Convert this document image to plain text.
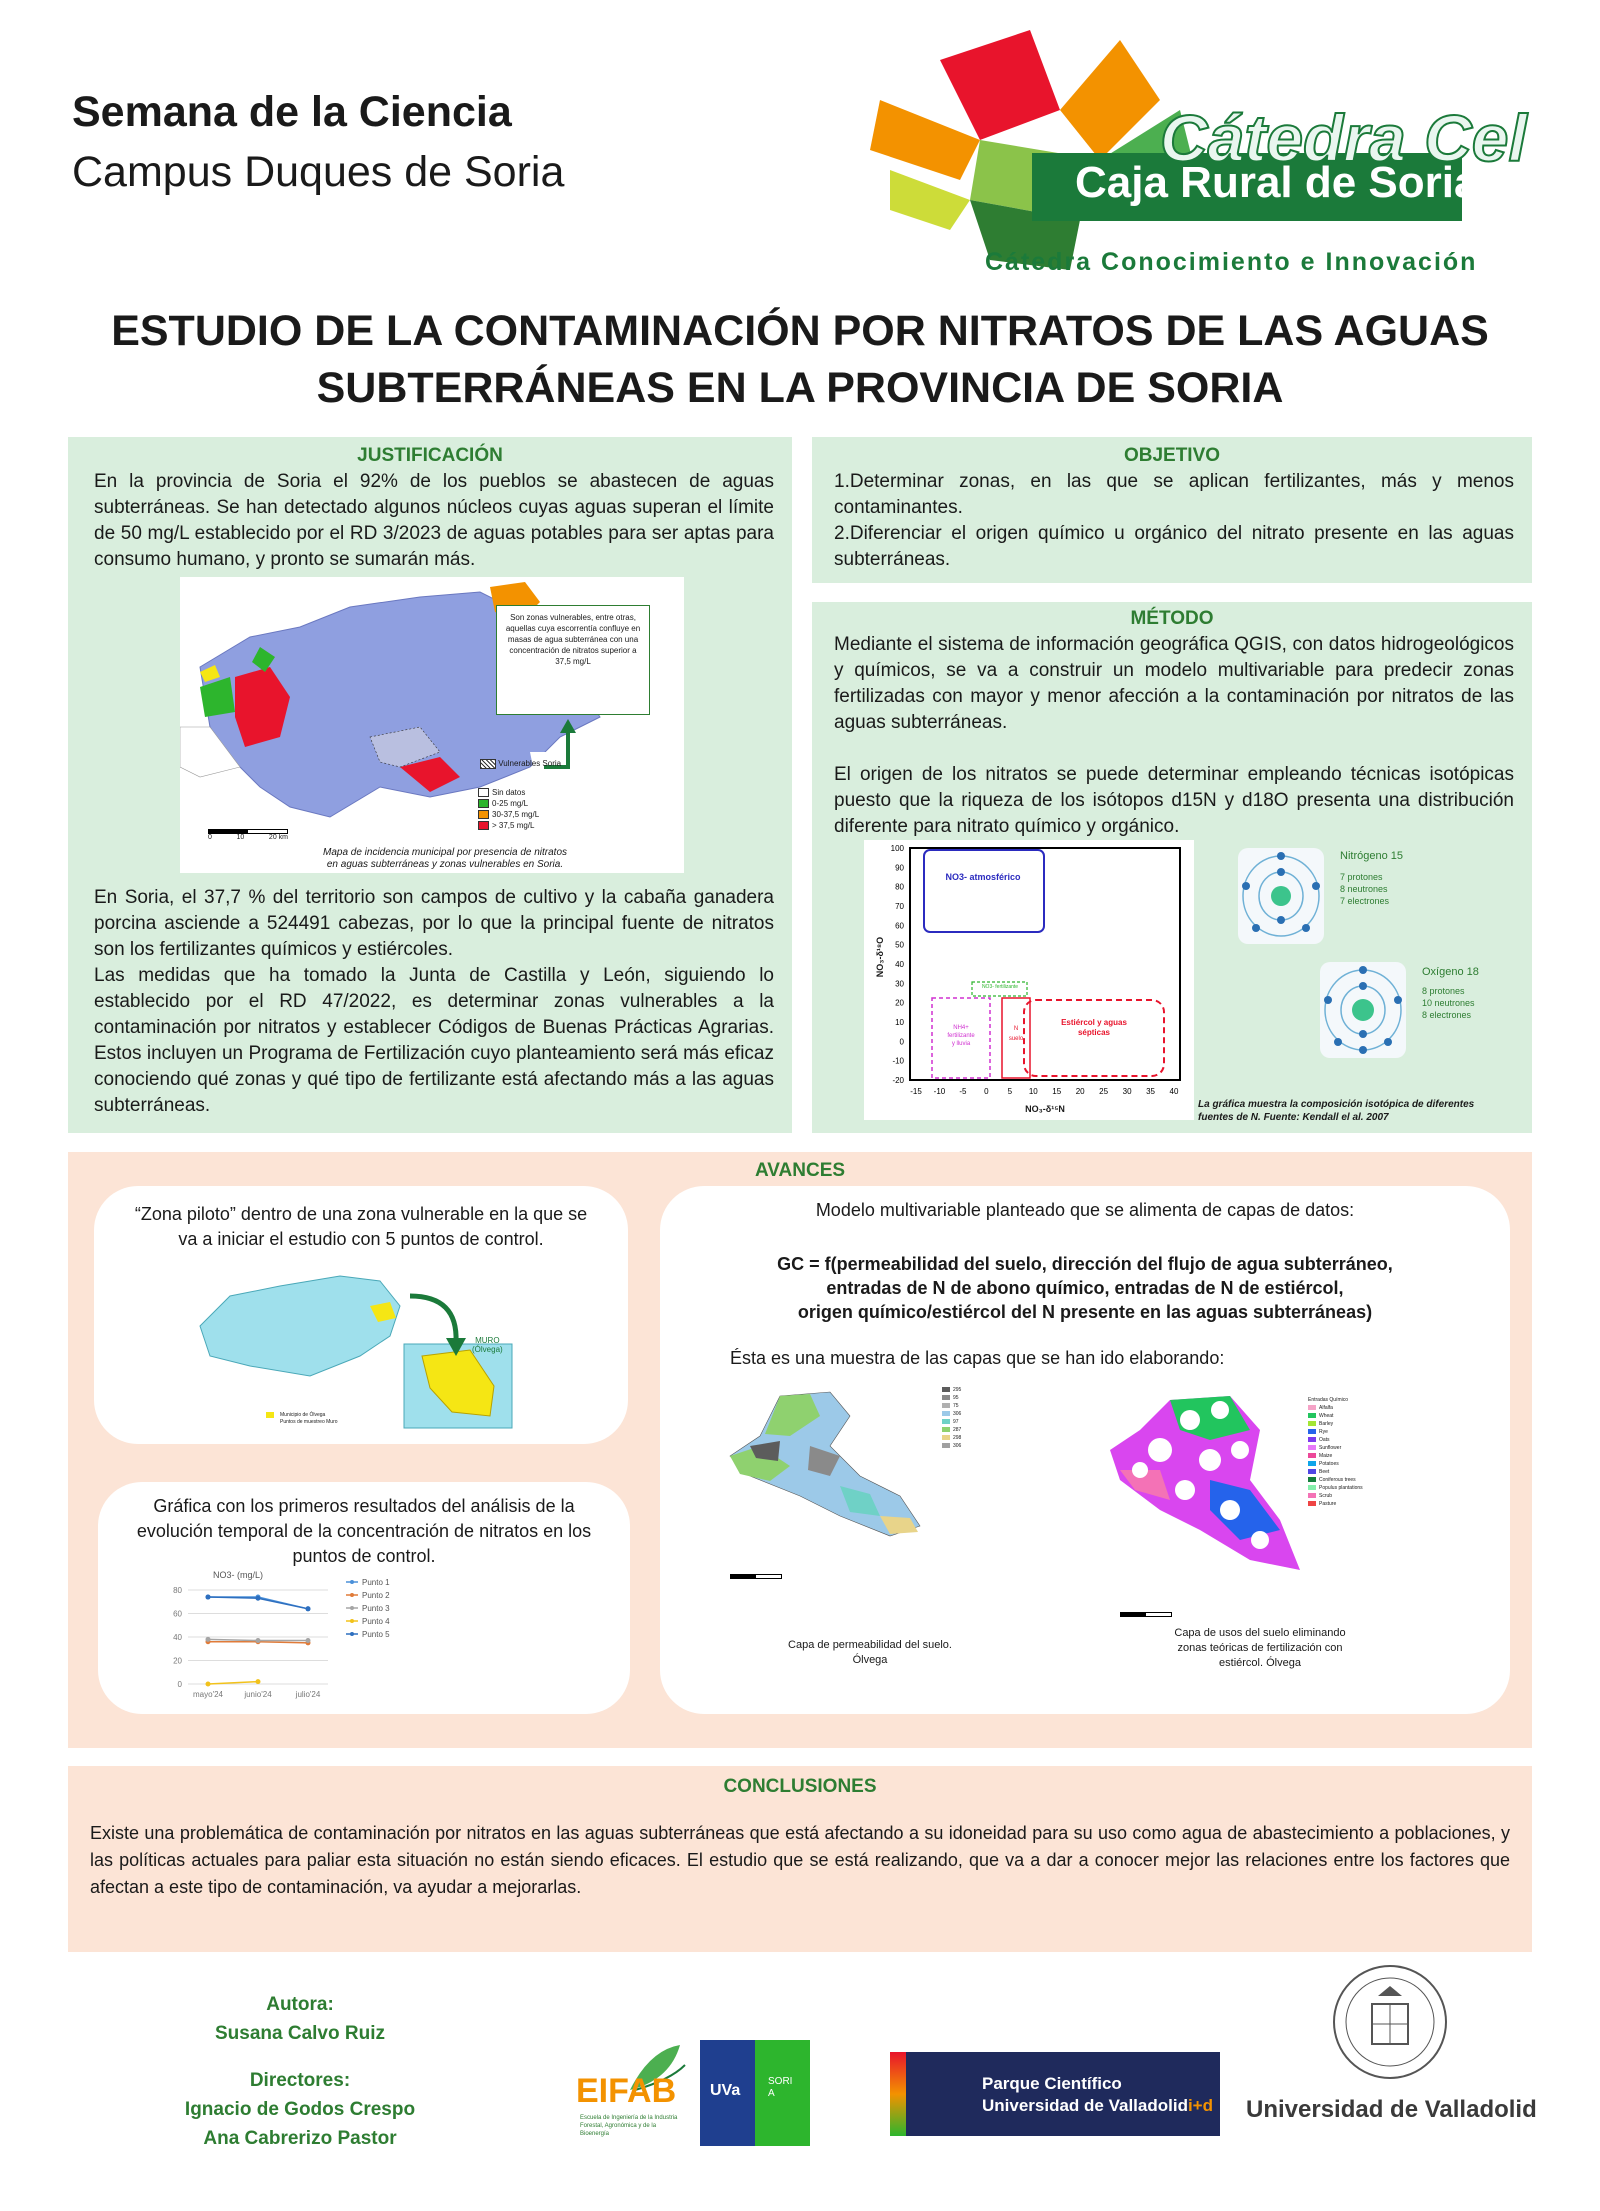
Semana de la Ciencia
Campus Duques de Soria	Cátedra Cel
Caja Rural de Soria
Cátedra Conocimiento e Innovación
ESTUDIO DE LA CONTAMINACIÓN POR NITRATOS DE LAS AGUAS
SUBTERRÁNEAS EN LA PROVINCIA DE SORIA
JUSTIFICACIÓN
En la provincia de Soria el 92% de los pueblos se abastecen de aguas subterráneas. Se han detectado algunos núcleos cuyas aguas superan el límite de 50 mg/L establecido por el RD 3/2023 de aguas potables para ser aptas para consumo humano, y pronto se sumarán más.
Son zonas vulnerables, entre otras, aquellas cuya escorrentía confluye en masas de agua subterránea con una concentración de nitratos superior a 37,5 mg/L
Vulnerables Soria
Sin datos
0-25 mg/L
30-37,5 mg/L
> 37,5 mg/L
0	10	20 km
Mapa de incidencia municipal por presencia de nitratos
en aguas subterráneas y zonas vulnerables en Soria.
En Soria, el 37,7 % del territorio son campos de cultivo y la cabaña ganadera porcina asciende a 524491 cabezas, por lo que la principal fuente de nitratos son los fertilizantes químicos y estiércoles.
Las medidas que ha tomado la Junta de Castilla y León, siguiendo lo establecido por el RD 47/2022, es determinar zonas vulnerables a la contaminación por nitratos y establecer Códigos de Buenas Prácticas Agrarias. Estos incluyen un Programa de Fertilización cuyo planteamiento será más eficaz conociendo qué zonas y qué tipo de fertilizante está afectando más a las aguas subterráneas.
OBJETIVO
1.Determinar zonas, en las que se aplican fertilizantes, más y menos contaminantes.
2.Diferenciar el origen químico u orgánico del nitrato presente en las aguas subterráneas.
MÉTODO
Mediante el sistema de información geográfica QGIS, con datos hidrogeológicos y químicos, se va a construir un modelo multivariable para predecir zonas fertilizadas con mayor y menor afección a la contaminación por nitratos de las aguas subterráneas.
El origen de los nitratos se puede determinar empleando técnicas isotópicas puesto que la riqueza de los isótopos d15N y d18O presenta una distribución diferente para nitrato químico y orgánico.
100
90
80
70
60
50
40
30
20
10
0
-10
-20
-15 -10 -5 0 5 10 15 20 25 30 35 40
NO3- atmosférico
NO3- fertilizante
NH4+
fertilizante
y lluvia
N
suelo
Estiércol y aguas
sépticas
NO₃-δ¹⁵N
NO₃-δ¹⁸O
Nitrógeno 15
7 protones
8 neutrones
7 electrones
Oxígeno 18
8 protones
10 neutrones
8 electrones
La gráfica muestra la composición isotópica de diferentes
fuentes de N. Fuente: Kendall el al. 2007
AVANCES
“Zona piloto” dentro de una zona vulnerable en la que se va a iniciar el estudio con 5 puntos de control.
MURO
(Ólvega)
Municipio de Ólvega
Puntos de muestreo Muro
Gráfica con los primeros resultados del análisis de la evolución temporal de la concentración de nitratos en los puntos de control.
NO3- (mg/L)
0
20
40
60
80
mayo'24	junio'24	julio'24
Punto 1
Punto 2
Punto 3
Punto 4
Punto 5
Modelo multivariable planteado que se alimenta de capas de datos:
GC = f(permeabilidad del suelo, dirección del flujo de agua subterráneo,
entradas de N de abono químico, entradas de N de estiércol,
origen químico/estiércol del N presente en las aguas subterráneas)
Ésta es una muestra de las capas que se han ido elaborando:
295
95
75
306
97
287
298
306
Capa de permeabilidad del suelo.
Ólvega
Entradas Químico
Alfalfa
Wheat
Barley
Rye
Oats
Sunflower
Maize
Potatoes
Beet
Coniferous trees
Populus plantations
Scrub
Pasture
Capa de usos del suelo eliminando
zonas teóricas de fertilización con
estiércol. Ólvega
CONCLUSIONES
Existe una problemática de contaminación por nitratos en las aguas subterráneas que está afectando a su idoneidad para su uso como agua de abastecimiento a poblaciones, y las políticas actuales para paliar esta situación no están siendo eficaces. El estudio que se está realizando, que va a dar a conocer mejor las relaciones entre los factores que afectan a este tipo de contaminación, va ayudar a mejorarlas.
Autora:
Susana Calvo Ruiz
Directores:
Ignacio de Godos Crespo
Ana Cabrerizo Pastor
EIFAB
Escuela de Ingeniería de la Industria Forestal, Agronómica y de la Bioenergía
UVa
SORIA
Parque Científico
Universidad de Valladolidi+d Universidad de Valladolid
